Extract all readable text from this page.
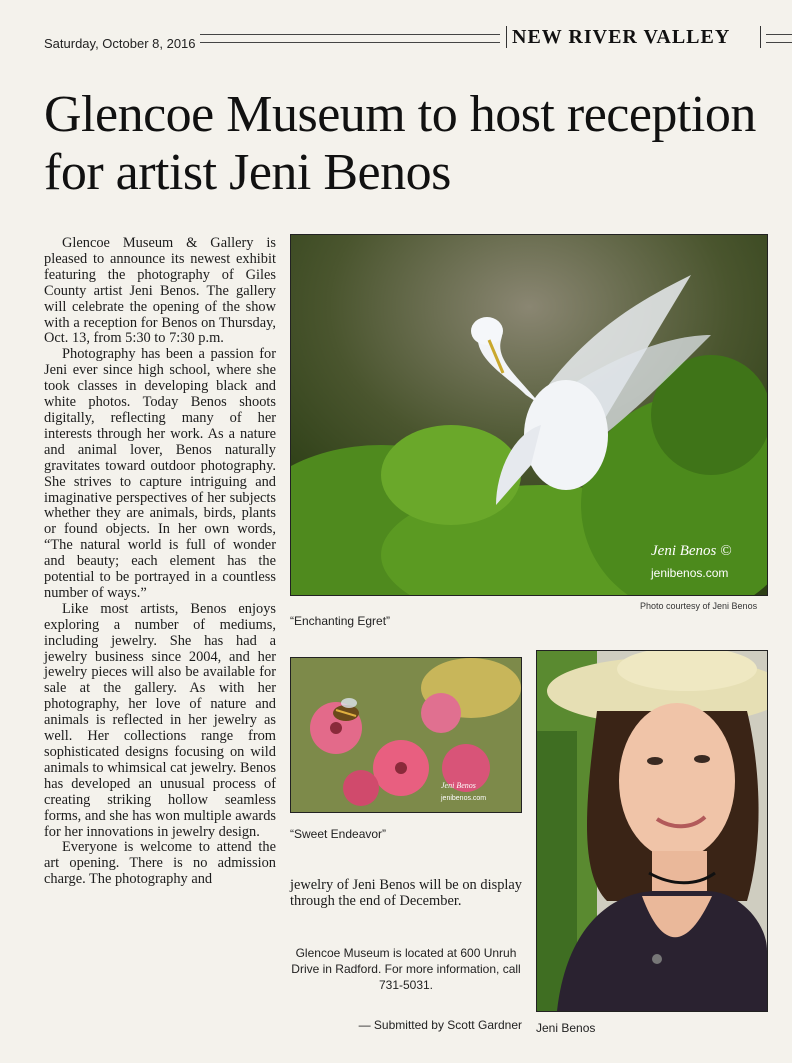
Saturday, October 8, 2016	NEW RIVER VALLEY
Glencoe Museum to host reception for artist Jeni Benos

Glencoe Museum & Gallery is pleased to announce its newest exhibit featuring the photography of Giles County artist Jeni Benos. The gallery will celebrate the opening of the show with a reception for Benos on Thursday, Oct. 13, from 5:30 to 7:30 p.m.

Photography has been a passion for Jeni ever since high school, where she took classes in developing black and white photos. Today Benos shoots digitally, reflecting many of her interests through her work. As a nature and animal lover, Benos naturally gravitates toward outdoor photography. She strives to capture intriguing and imaginative perspectives of her subjects whether they are animals, birds, plants or found objects. In her own words, “The natural world is full of wonder and beauty; each element has the potential to be portrayed in a countless number of ways.”

Like most artists, Benos enjoys exploring a number of mediums, including jewelry. She has had a jewelry business since 2004, and her jewelry pieces will also be available for sale at the gallery. As with her photography, her love of nature and animals is reflected in her jewelry as well. Her collections range from sophisticated designs focusing on wild animals to whimsical cat jewelry. Benos has developed an unusual process of creating striking hollow seamless forms, and she has won multiple awards for her innovations in jewelry design.

Everyone is welcome to attend the art opening. There is no admission charge. The photography and

Jeni Benos ©
jenibenos.com
Photo courtesy of Jeni Benos
“Enchanting Egret”
Jeni Benos
jenibenos.com
“Sweet Endeavor”
Jeni Benos

jewelry of Jeni Benos will be on display through the end of December.

Glencoe Museum is located at 600 Unruh Drive in Radford. For more information, call 731-5031.
— Submitted by Scott Gardner
